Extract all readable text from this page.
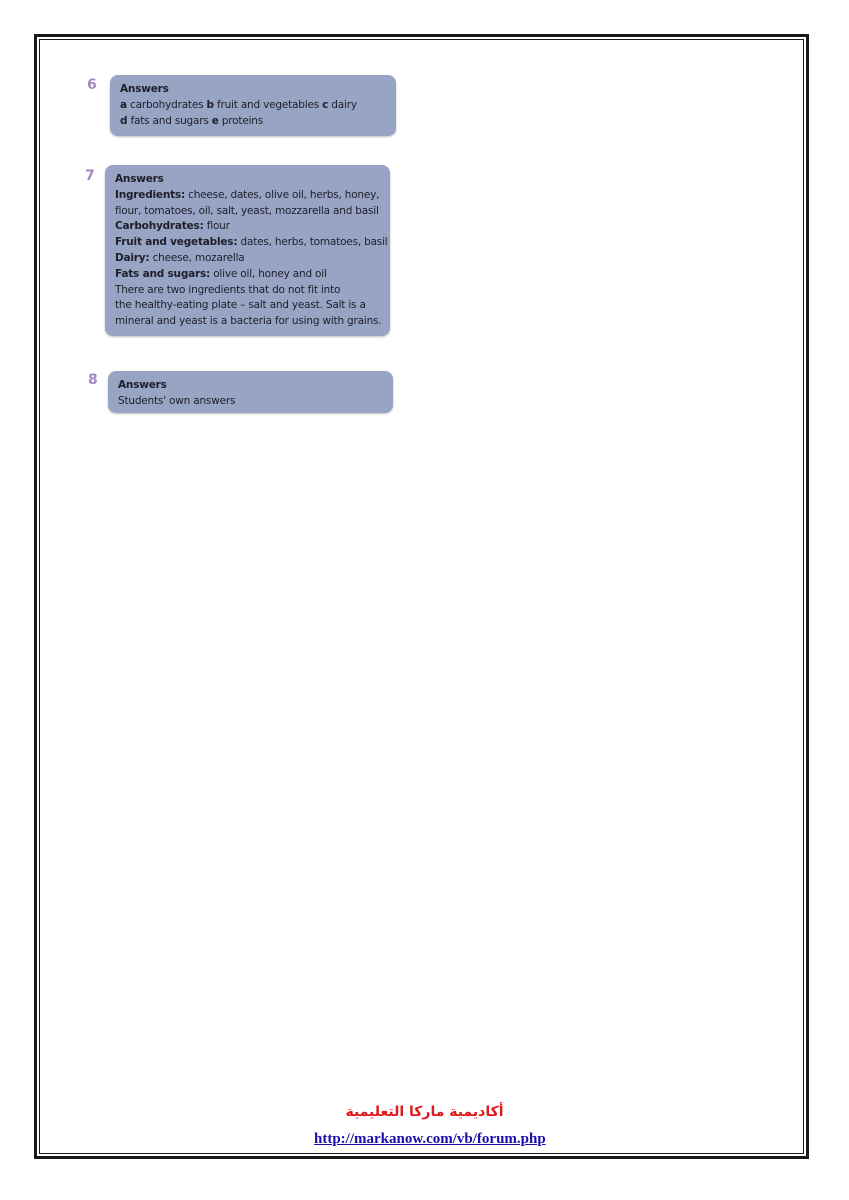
6 Answers
a carbohydrates b fruit and vegetables c dairy
d fats and sugars e proteins
7 Answers
Ingredients: cheese, dates, olive oil, herbs, honey,
flour, tomatoes, oil, salt, yeast, mozzarella and basil
Carbohydrates: flour
Fruit and vegetables: dates, herbs, tomatoes, basil
Dairy: cheese, mozarella
Fats and sugars: olive oil, honey and oil
There are two ingredients that do not fit into
the healthy-eating plate – salt and yeast. Salt is a
mineral and yeast is a bacteria for using with grains.
8 Answers
Students' own answers
أكاديمية ماركا التعليمية
http://markanow.com/vb/forum.php
